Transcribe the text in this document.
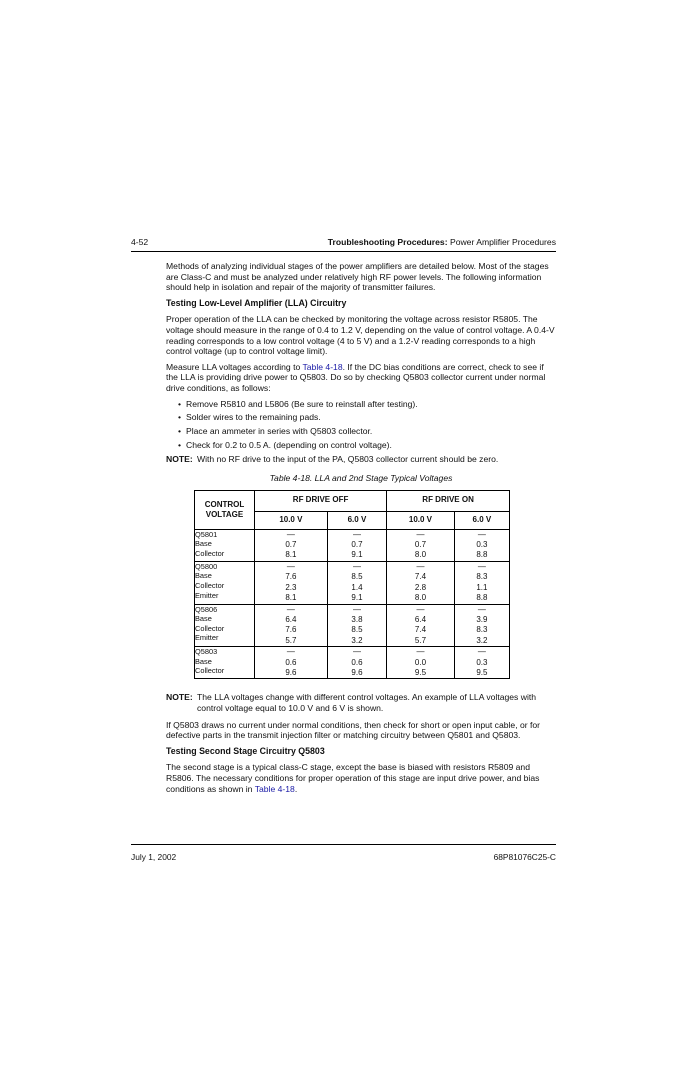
4-52	Troubleshooting Procedures: Power Amplifier Procedures

Methods of analyzing individual stages of the power amplifiers are detailed below. Most of the stages are Class-C and must be analyzed under relatively high RF power levels. The following information should help in isolation and repair of the majority of transmitter failures.

Testing Low-Level Amplifier (LLA) Circuitry

Proper operation of the LLA can be checked by monitoring the voltage across resistor R5805. The voltage should measure in the range of 0.4 to 1.2 V, depending on the value of control voltage. A 0.4-V reading corresponds to a low control voltage (4 to 5 V) and a 1.2-V reading corresponds to a high control voltage (up to control voltage limit).

Measure LLA voltages according to Table 4-18. If the DC bias conditions are correct, check to see if the LLA is providing drive power to Q5803. Do so by checking Q5803 collector current under normal drive conditions, as follows:

• Remove R5810 and L5806 (Be sure to reinstall after testing).
• Solder wires to the remaining pads.
• Place an ammeter in series with Q5803 collector.
• Check for 0.2 to 0.5 A. (depending on control voltage).
NOTE: With no RF drive to the input of the PA, Q5803 collector current should be zero.
Table 4-18. LLA and 2nd Stage Typical Voltages
CONTROL
VOLTAGE	RF DRIVE OFF		RF DRIVE ON	
	10.0 V	6.0 V	10.0 V	6.0 V

Q5801
Base
Collector	—
0.7
8.1	—
0.7
9.1	—
0.7
8.0	—
0.3
8.8

Q5800
Base
Collector
Emitter	—
7.6
2.3
8.1	—
8.5
1.4
9.1	—
7.4
2.8
8.0	—
8.3
1.1
8.8

Q5806
Base
Collector
Emitter	—
6.4
7.6
5.7	—
3.8
8.5
3.2	—
6.4
7.4
5.7	—
3.9
8.3
3.2

Q5803
Base
Collector	—
0.6
9.6	—
0.6
9.6	—
0.0
9.5	—
0.3
9.5
NOTE: The LLA voltages change with different control voltages. An example of LLA voltages with control voltage equal to 10.0 V and 6 V is shown.

If Q5803 draws no current under normal conditions, then check for short or open input cable, or for defective parts in the transmit injection filter or matching circuitry between Q5801 and Q5803.

Testing Second Stage Circuitry Q5803

The second stage is a typical class-C stage, except the base is biased with resistors R5809 and R5806. The necessary conditions for proper operation of this stage are input drive power, and bias conditions as shown in Table 4-18.

July 1, 2002	68P81076C25-C
